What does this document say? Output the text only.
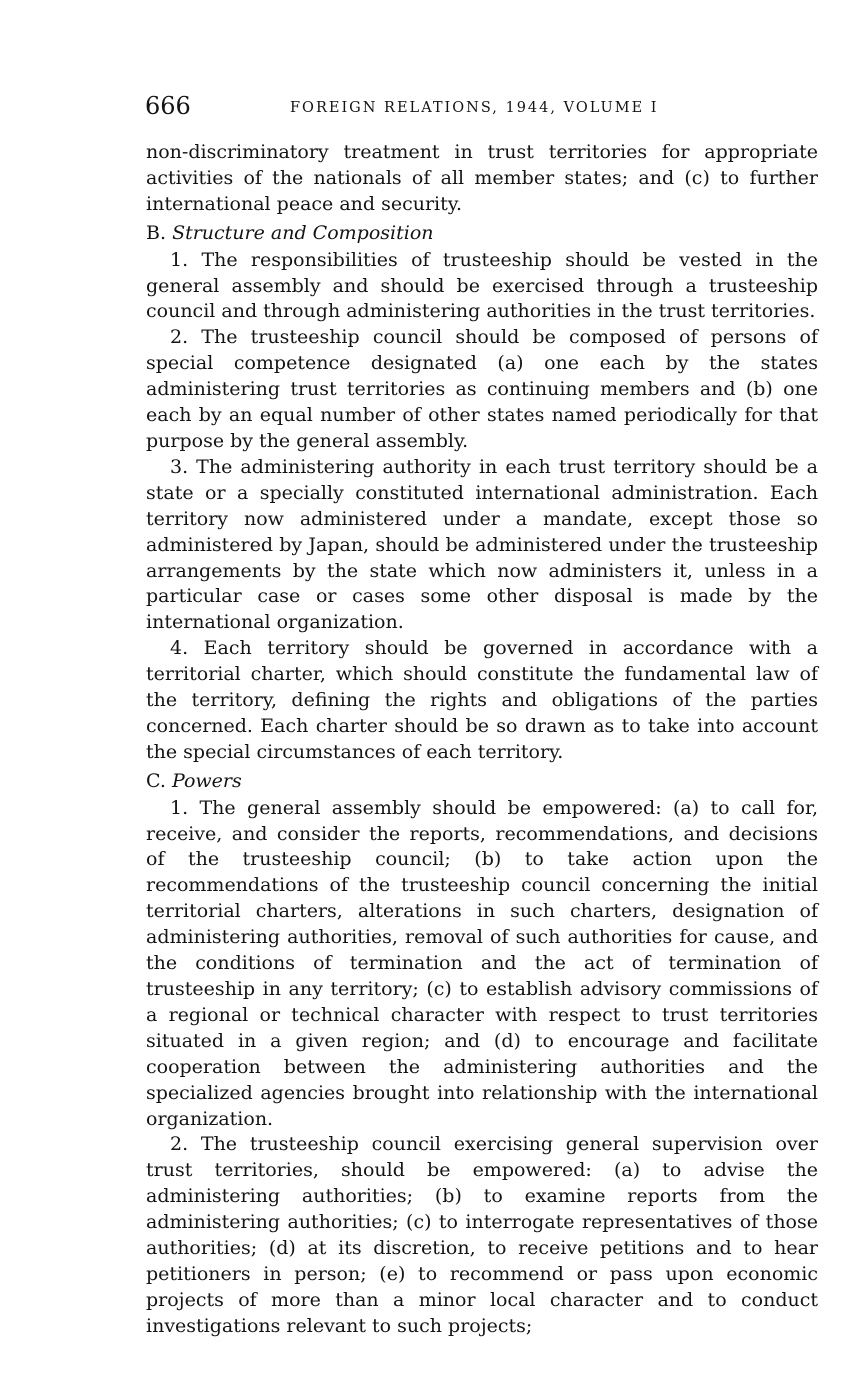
666	FOREIGN RELATIONS, 1944, VOLUME I

non-discriminatory treatment in trust territories for appropriate activities of the nationals of all member states; and (c) to further international peace and security.

B. Structure and Composition

1. The responsibilities of trusteeship should be vested in the general assembly and should be exercised through a trusteeship council and through administering authorities in the trust territories.

2. The trusteeship council should be composed of persons of special competence designated (a) one each by the states administering trust territories as continuing members and (b) one each by an equal number of other states named periodically for that purpose by the general assembly.

3. The administering authority in each trust territory should be a state or a specially constituted international administration. Each territory now administered under a mandate, except those so administered by Japan, should be administered under the trusteeship arrangements by the state which now administers it, unless in a particular case or cases some other disposal is made by the international organization.

4. Each territory should be governed in accordance with a territorial charter, which should constitute the fundamental law of the territory, defining the rights and obligations of the parties concerned. Each charter should be so drawn as to take into account the special circumstances of each territory.

C. Powers

1. The general assembly should be empowered: (a) to call for, receive, and consider the reports, recommendations, and decisions of the trusteeship council; (b) to take action upon the recommendations of the trusteeship council concerning the initial territorial charters, alterations in such charters, designation of administering authorities, removal of such authorities for cause, and the conditions of termination and the act of termination of trusteeship in any territory; (c) to establish advisory commissions of a regional or technical character with respect to trust territories situated in a given region; and (d) to encourage and facilitate cooperation between the administering authorities and the specialized agencies brought into relationship with the international organization.

2. The trusteeship council exercising general supervision over trust territories, should be empowered: (a) to advise the administering authorities; (b) to examine reports from the administering authorities; (c) to interrogate representatives of those authorities; (d) at its discretion, to receive petitions and to hear petitioners in person; (e) to recommend or pass upon economic projects of more than a minor local character and to conduct investigations relevant to such projects;
